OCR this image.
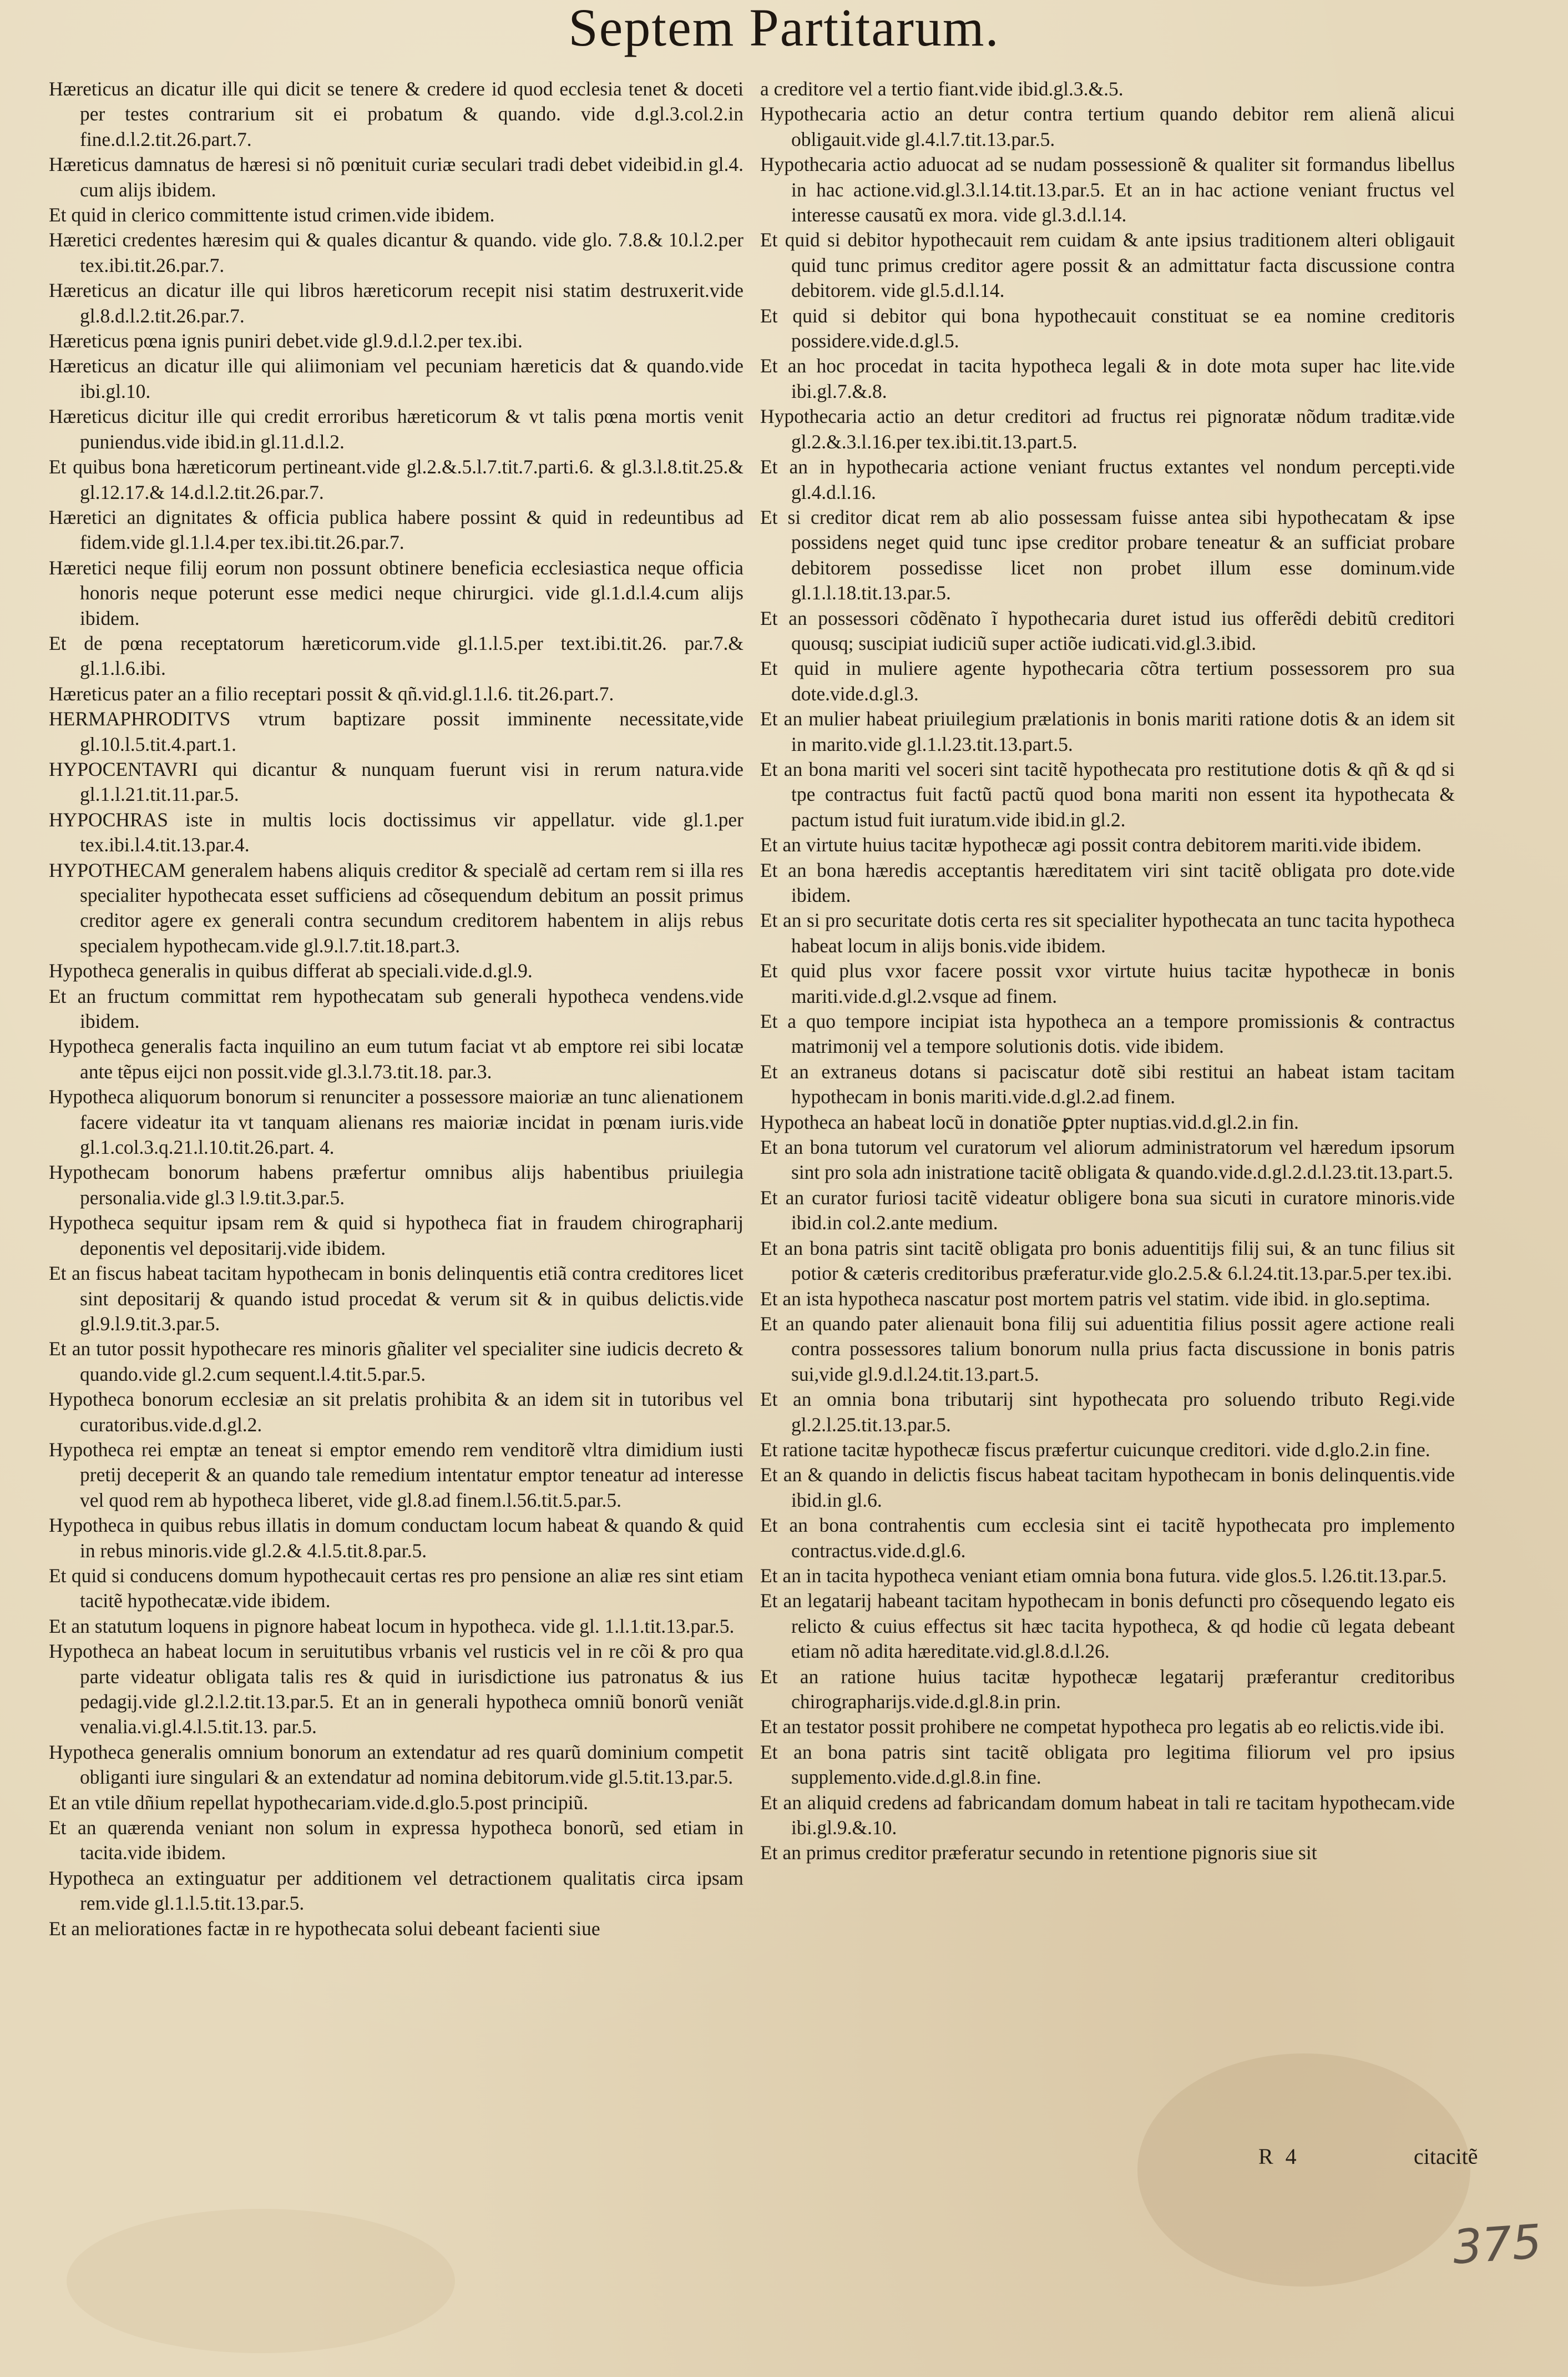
Septem Partitarum.

Hæreticus an dicatur ille qui dicit se tenere & credere id quod ecclesia tenet & doceti per testes contrarium sit ei probatum & quando. vide d.gl.3.col.2.in fine.d.l.2.tit.26.part.7.

Hæreticus damnatus de hæresi si nõ pœnituit curiæ seculari tradi debet videibid.in gl.4. cum alijs ibidem.

Et quid in clerico committente istud crimen.vide ibidem.

Hæretici credentes hæresim qui & quales dicantur & quando. vide glo. 7.8.& 10.l.2.per tex.ibi.tit.26.par.7.

Hæreticus an dicatur ille qui libros hæreticorum recepit nisi statim destruxerit.vide gl.8.d.l.2.tit.26.par.7.

Hæreticus pœna ignis puniri debet.vide gl.9.d.l.2.per tex.ibi.

Hæreticus an dicatur ille qui aliimoniam vel pecuniam hæreticis dat & quando.vide ibi.gl.10.

Hæreticus dicitur ille qui credit erroribus hæreticorum & vt talis pœna mortis venit puniendus.vide ibid.in gl.11.d.l.2.

Et quibus bona hæreticorum pertineant.vide gl.2.&.5.l.7.tit.7.parti.6. & gl.3.l.8.tit.25.& gl.12.17.& 14.d.l.2.tit.26.par.7.

Hæretici an dignitates & officia publica habere possint & quid in redeuntibus ad fidem.vide gl.1.l.4.per tex.ibi.tit.26.par.7.

Hæretici neque filij eorum non possunt obtinere beneficia ecclesiastica neque officia honoris neque poterunt esse medici neque chirurgici. vide gl.1.d.l.4.cum alijs ibidem.

Et de pœna receptatorum hæreticorum.vide gl.1.l.5.per text.ibi.tit.26. par.7.& gl.1.l.6.ibi.

Hæreticus pater an a filio receptari possit & qñ.vid.gl.1.l.6. tit.26.part.7.

HERMAPHRODITVS vtrum baptizare possit imminente necessitate,vide gl.10.l.5.tit.4.part.1.

HYPOCENTAVRI qui dicantur & nunquam fuerunt visi in rerum natura.vide gl.1.l.21.tit.11.par.5.

HYPOCHRAS iste in multis locis doctissimus vir appellatur. vide gl.1.per tex.ibi.l.4.tit.13.par.4.

HYPOTHECAM generalem habens aliquis creditor & specialẽ ad certam rem si illa res specialiter hypothecata esset sufficiens ad cõsequendum debitum an possit primus creditor agere ex generali contra secundum creditorem habentem in alijs rebus specialem hypothecam.vide gl.9.l.7.tit.18.part.3.

Hypotheca generalis in quibus differat ab speciali.vide.d.gl.9.

Et an fructum committat rem hypothecatam sub generali hypotheca vendens.vide ibidem.

Hypotheca generalis facta inquilino an eum tutum faciat vt ab emptore rei sibi locatæ ante tẽpus eijci non possit.vide gl.3.l.73.tit.18. par.3.

Hypotheca aliquorum bonorum si renunciter a possessore maioriæ an tunc alienationem facere videatur ita vt tanquam alienans res maioriæ incidat in pœnam iuris.vide gl.1.col.3.q.21.l.10.tit.26.part. 4.

Hypothecam bonorum habens præfertur omnibus alijs habentibus priuilegia personalia.vide gl.3 l.9.tit.3.par.5.

Hypotheca sequitur ipsam rem & quid si hypotheca fiat in fraudem chirographarij deponentis vel depositarij.vide ibidem.

Et an fiscus habeat tacitam hypothecam in bonis delinquentis etiã contra creditores licet sint depositarij & quando istud procedat & verum sit & in quibus delictis.vide gl.9.l.9.tit.3.par.5.

Et an tutor possit hypothecare res minoris gñaliter vel specialiter sine iudicis decreto & quando.vide gl.2.cum sequent.l.4.tit.5.par.5.

Hypotheca bonorum ecclesiæ an sit prelatis prohibita & an idem sit in tutoribus vel curatoribus.vide.d.gl.2.

Hypotheca rei emptæ an teneat si emptor emendo rem venditorẽ vltra dimidium iusti pretij deceperit & an quando tale remedium intentatur emptor teneatur ad interesse vel quod rem ab hypotheca liberet, vide gl.8.ad finem.l.56.tit.5.par.5.

Hypotheca in quibus rebus illatis in domum conductam locum habeat & quando & quid in rebus minoris.vide gl.2.& 4.l.5.tit.8.par.5.

Et quid si conducens domum hypothecauit certas res pro pensione an aliæ res sint etiam tacitẽ hypothecatæ.vide ibidem.

Et an statutum loquens in pignore habeat locum in hypotheca. vide gl. 1.l.1.tit.13.par.5.

Hypotheca an habeat locum in seruitutibus vrbanis vel rusticis vel in re cõi & pro qua parte videatur obligata talis res & quid in iurisdictione ius patronatus & ius pedagij.vide gl.2.l.2.tit.13.par.5. Et an in generali hypotheca omniũ bonorũ veniãt venalia.vi.gl.4.l.5.tit.13. par.5.

Hypotheca generalis omnium bonorum an extendatur ad res quarũ dominium competit obliganti iure singulari & an extendatur ad nomina debitorum.vide gl.5.tit.13.par.5.

Et an vtile dñium repellat hypothecariam.vide.d.glo.5.post principiũ.

Et an quærenda veniant non solum in expressa hypotheca bonorũ, sed etiam in tacita.vide ibidem.

Hypotheca an extinguatur per additionem vel detractionem qualitatis circa ipsam rem.vide gl.1.l.5.tit.13.par.5.

Et an meliorationes factæ in re hypothecata solui debeant facienti siue

a creditore vel a tertio fiant.vide ibid.gl.3.&.5.

Hypothecaria actio an detur contra tertium quando debitor rem alienã alicui obligauit.vide gl.4.l.7.tit.13.par.5.

Hypothecaria actio aduocat ad se nudam possessionẽ & qualiter sit formandus libellus in hac actione.vid.gl.3.l.14.tit.13.par.5. Et an in hac actione veniant fructus vel interesse causatũ ex mora. vide gl.3.d.l.14.

Et quid si debitor hypothecauit rem cuidam & ante ipsius traditionem alteri obligauit quid tunc primus creditor agere possit & an admittatur facta discussione contra debitorem. vide gl.5.d.l.14.

Et quid si debitor qui bona hypothecauit constituat se ea nomine creditoris possidere.vide.d.gl.5.

Et an hoc procedat in tacita hypotheca legali & in dote mota super hac lite.vide ibi.gl.7.&.8.

Hypothecaria actio an detur creditori ad fructus rei pignoratæ nõdum traditæ.vide gl.2.&.3.l.16.per tex.ibi.tit.13.part.5.

Et an in hypothecaria actione veniant fructus extantes vel nondum percepti.vide gl.4.d.l.16.

Et si creditor dicat rem ab alio possessam fuisse antea sibi hypothecatam & ipse possidens neget quid tunc ipse creditor probare teneatur & an sufficiat probare debitorem possedisse licet non probet illum esse dominum.vide gl.1.l.18.tit.13.par.5.

Et an possessori cõdẽnato ĩ hypothecaria duret istud ius offerẽdi debitũ creditori quousq; suscipiat iudiciũ super actiõe iudicati.vid.gl.3.ibid.

Et quid in muliere agente hypothecaria cõtra tertium possessorem pro sua dote.vide.d.gl.3.

Et an mulier habeat priuilegium prælationis in bonis mariti ratione dotis & an idem sit in marito.vide gl.1.l.23.tit.13.part.5.

Et an bona mariti vel soceri sint tacitẽ hypothecata pro restitutione dotis & qñ & qd si tpe contractus fuit factũ pactũ quod bona mariti non essent ita hypothecata & pactum istud fuit iuratum.vide ibid.in gl.2.

Et an virtute huius tacitæ hypothecæ agi possit contra debitorem mariti.vide ibidem.

Et an bona hæredis acceptantis hæreditatem viri sint tacitẽ obligata pro dote.vide ibidem.

Et an si pro securitate dotis certa res sit specialiter hypothecata an tunc tacita hypotheca habeat locum in alijs bonis.vide ibidem.

Et quid plus vxor facere possit vxor virtute huius tacitæ hypothecæ in bonis mariti.vide.d.gl.2.vsque ad finem.

Et a quo tempore incipiat ista hypotheca an a tempore promissionis & contractus matrimonij vel a tempore solutionis dotis. vide ibidem.

Et an extraneus dotans si paciscatur dotẽ sibi restitui an habeat istam tacitam hypothecam in bonis mariti.vide.d.gl.2.ad finem.

Hypotheca an habeat locũ in donatiõe ꝑpter nuptias.vid.d.gl.2.in fin.

Et an bona tutorum vel curatorum vel aliorum administratorum vel hæredum ipsorum sint pro sola adn inistratione tacitẽ obligata & quando.vide.d.gl.2.d.l.23.tit.13.part.5.

Et an curator furiosi tacitẽ videatur obligere bona sua sicuti in curatore minoris.vide ibid.in col.2.ante medium.

Et an bona patris sint tacitẽ obligata pro bonis aduentitijs filij sui, & an tunc filius sit potior & cæteris creditoribus præferatur.vide glo.2.5.& 6.l.24.tit.13.par.5.per tex.ibi.

Et an ista hypotheca nascatur post mortem patris vel statim. vide ibid. in glo.septima.

Et an quando pater alienauit bona filij sui aduentitia filius possit agere actione reali contra possessores talium bonorum nulla prius facta discussione in bonis patris sui,vide gl.9.d.l.24.tit.13.part.5.

Et an omnia bona tributarij sint hypothecata pro soluendo tributo Regi.vide gl.2.l.25.tit.13.par.5.

Et ratione tacitæ hypothecæ fiscus præfertur cuicunque creditori. vide d.glo.2.in fine.

Et an & quando in delictis fiscus habeat tacitam hypothecam in bonis delinquentis.vide ibid.in gl.6.

Et an bona contrahentis cum ecclesia sint ei tacitẽ hypothecata pro implemento contractus.vide.d.gl.6.

Et an in tacita hypotheca veniant etiam omnia bona futura. vide glos.5. l.26.tit.13.par.5.

Et an legatarij habeant tacitam hypothecam in bonis defuncti pro cõsequendo legato eis relicto & cuius effectus sit hæc tacita hypotheca, & qd hodie cũ legata debeant etiam nõ adita hæreditate.vid.gl.8.d.l.26.

Et an ratione huius tacitæ hypothecæ legatarij præferantur creditoribus chirographarijs.vide.d.gl.8.in prin.

Et an testator possit prohibere ne competat hypotheca pro legatis ab eo relictis.vide ibi.

Et an bona patris sint tacitẽ obligata pro legitima filiorum vel pro ipsius supplemento.vide.d.gl.8.in fine.

Et an aliquid credens ad fabricandam domum habeat in tali re tacitam hypothecam.vide ibi.gl.9.&.10.

Et an primus creditor præferatur secundo in retentione pignoris siue sit

R 4	citacitẽ
375
